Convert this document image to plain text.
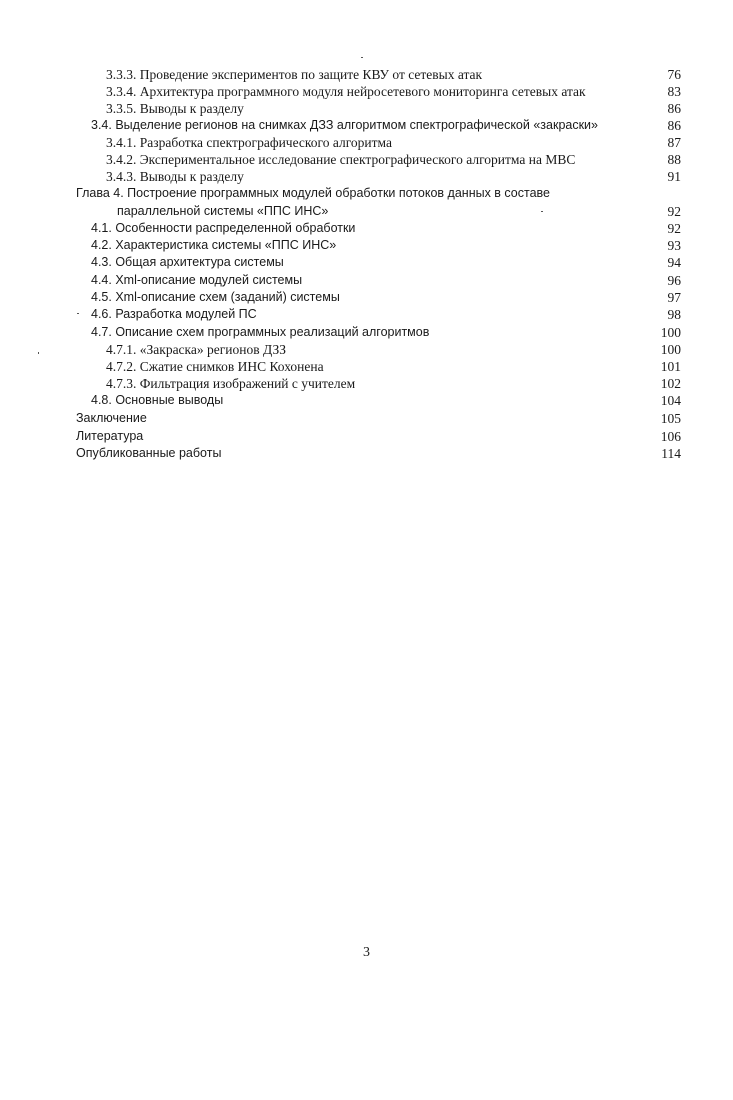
3.3.3. Проведение экспериментов по защите КВУ от сетевых атак	76
3.3.4. Архитектура программного модуля нейросетевого мониторинга сетевых атак	83
3.3.5. Выводы к разделу	86
3.4. Выделение регионов на снимках ДЗЗ алгоритмом спектрографической «закраски»	86
3.4.1. Разработка спектрографического алгоритма	87
3.4.2. Экспериментальное исследование спектрографического алгоритма на МВС	88
3.4.3. Выводы к разделу	91
Глава 4. Построение программных модулей обработки потоков данных в составе
параллельной системы «ППС ИНС»	92
4.1. Особенности распределенной обработки	92
4.2. Характеристика системы «ППС ИНС»	93
4.3. Общая архитектура системы	94
4.4. Xml-описание модулей системы	96
4.5. Xml-описание схем (заданий) системы	97
4.6. Разработка модулей ПС	98
4.7. Описание схем программных реализаций алгоритмов	100
4.7.1. «Закраска» регионов ДЗЗ	100
4.7.2. Сжатие снимков ИНС Кохонена	101
4.7.3. Фильтрация изображений с учителем	102
4.8. Основные выводы	104
Заключение	105
Литература	106
Опубликованные работы	114
3
